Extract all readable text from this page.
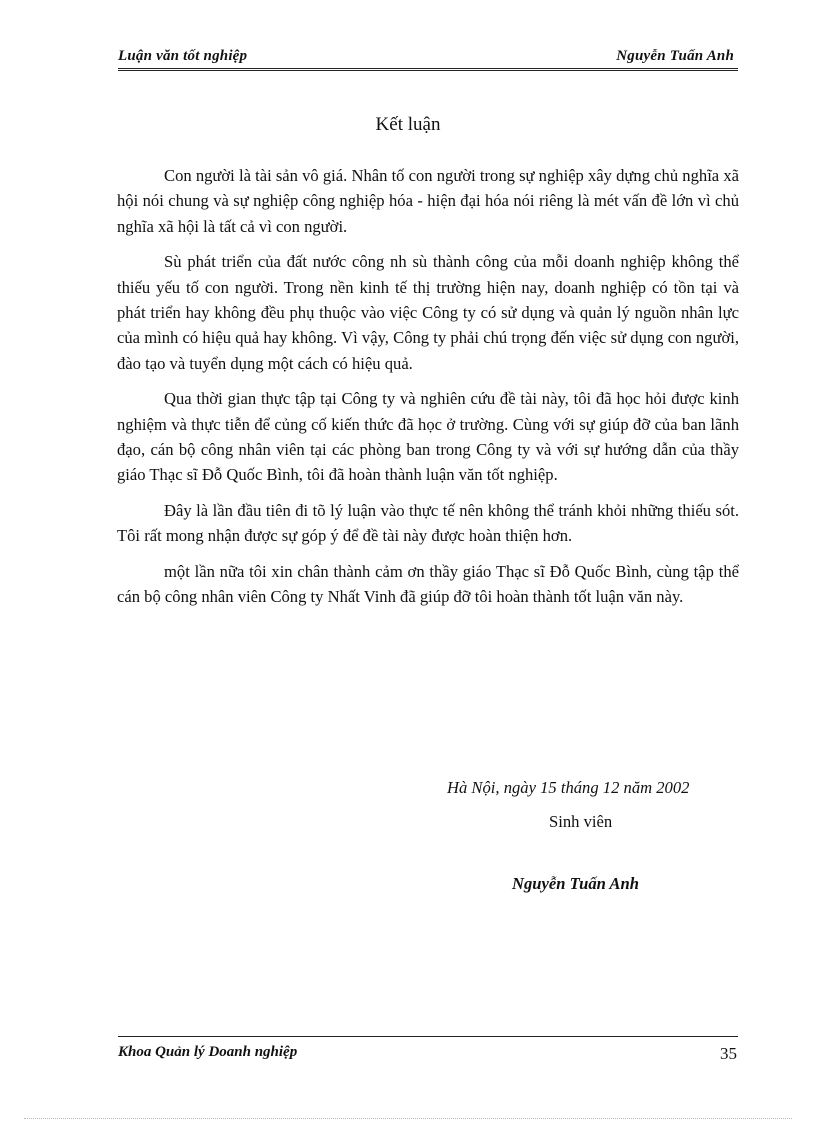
Luận văn tốt nghiệp	Nguyễn Tuấn Anh
Kết luận

Con người là tài sản vô giá. Nhân tố con người trong sự nghiệp xây dựng chủ nghĩa xã hội nói chung và sự nghiệp công nghiệp hóa - hiện đại hóa nói riêng là mét vấn đề lớn vì chủ nghĩa xã hội là tất cả vì con người.

Sù phát triển của đất nước công nh sù thành công của mỗi doanh nghiệp không thể thiếu yếu tố con người. Trong nền kinh tế thị trường hiện nay, doanh nghiệp có tồn tại và phát triển hay không đều phụ thuộc vào việc Công ty có sử dụng và quản lý nguồn nhân lực của mình có hiệu quả hay không. Vì vậy, Công ty phải chú trọng đến việc sử dụng con người, đào tạo và tuyển dụng một cách có hiệu quả.

Qua thời gian thực tập tại Công ty và nghiên cứu đề tài này, tôi đã học hỏi được kinh nghiệm và thực tiễn để củng cố kiến thức đã học ở trường. Cùng với sự giúp đỡ của ban lãnh đạo, cán bộ công nhân viên tại các phòng ban trong Công ty và với sự hướng dẫn của thầy giáo Thạc sĩ Đỗ Quốc Bình, tôi đã hoàn thành luận văn tốt nghiệp.

Đây là lần đầu tiên đi tõ lý luận vào thực tế nên không thể tránh khỏi những thiếu sót. Tôi rất mong nhận được sự góp ý để đề tài này được hoàn thiện hơn.

một lần nữa tôi xin chân thành cảm ơn thầy giáo Thạc sĩ Đỗ Quốc Bình, cùng tập thể cán bộ công nhân viên Công ty Nhất Vinh đã giúp đỡ tôi hoàn thành tốt luận văn này.

Hà Nội, ngày 15 tháng 12 năm 2002
Sinh viên
Nguyễn Tuấn Anh
Khoa Quản lý Doanh nghiệp	35
